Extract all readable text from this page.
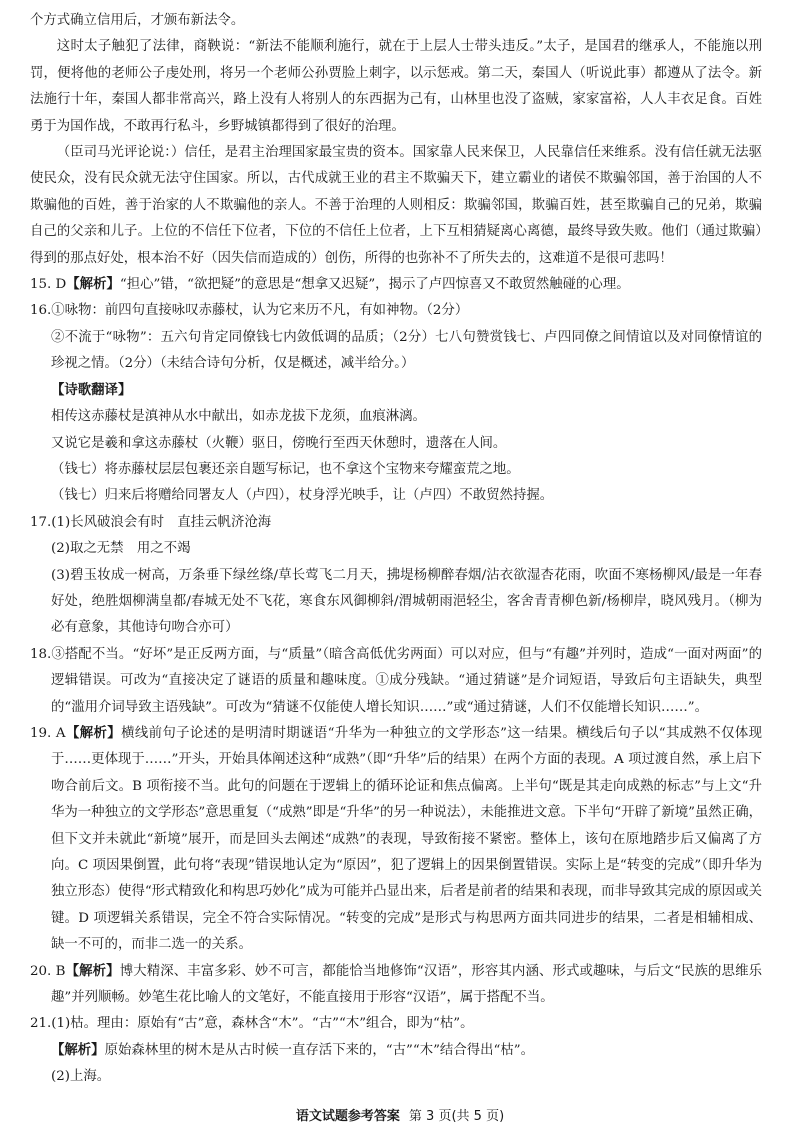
个方式确立信用后，才颁布新法令。

这时太子触犯了法律，商鞅说：“新法不能顺利施行，就在于上层人士带头违反。”太子，是国君的继承人，不能施以刑罚，便将他的老师公子虔处刑，将另一个老师公孙贾脸上刺字，以示惩戒。第二天，秦国人（听说此事）都遵从了法令。新法施行十年，秦国人都非常高兴，路上没有人将别人的东西据为己有，山林里也没了盗贼，家家富裕，人人丰衣足食。百姓勇于为国作战，不敢再行私斗，乡野城镇都得到了很好的治理。

（臣司马光评论说：）信任，是君主治理国家最宝贵的资本。国家靠人民来保卫，人民靠信任来维系。没有信任就无法驱使民众，没有民众就无法守住国家。所以，古代成就王业的君主不欺骗天下，建立霸业的诸侯不欺骗邻国，善于治国的人不欺骗他的百姓，善于治家的人不欺骗他的亲人。不善于治理的人则相反：欺骗邻国，欺骗百姓，甚至欺骗自己的兄弟，欺骗自己的父亲和儿子。上位的不信任下位者，下位的不信任上位者，上下互相猜疑离心离德，最终导致失败。他们（通过欺骗）得到的那点好处，根本治不好（因失信而造成的）创伤，所得的也弥补不了所失去的，这难道不是很可悲吗！

15. D【解析】“担心”错，“欲把疑”的意思是“想拿又迟疑”，揭示了卢四惊喜又不敢贸然触碰的心理。

16.①咏物：前四句直接咏叹赤藤杖，认为它来历不凡，有如神物。（2分）

②不流于“咏物”：五六句肯定同僚钱七内敛低调的品质；（2分）七八句赞赏钱七、卢四同僚之间情谊以及对同僚情谊的珍视之情。（2分）（未结合诗句分析，仅是概述，减半给分。）

【诗歌翻译】

相传这赤藤杖是滇神从水中献出，如赤龙拔下龙须，血痕淋漓。

又说它是羲和拿这赤藤杖（火鞭）驱日，傍晚行至西天休憩时，遗落在人间。

（钱七）将赤藤杖层层包裹还亲自题写标记，也不拿这个宝物来夸耀蛮荒之地。

（钱七）归来后将赠给同署友人（卢四），杖身浮光映手，让（卢四）不敢贸然持握。

17.(1)长风破浪会有时　直挂云帆济沧海

(2)取之无禁　用之不竭

(3)碧玉妆成一树高，万条垂下绿丝绦/草长莺飞二月天，拂堤杨柳醉春烟/沾衣欲湿杏花雨，吹面不寒杨柳风/最是一年春好处，绝胜烟柳满皇都/春城无处不飞花，寒食东风御柳斜/渭城朝雨浥轻尘，客舍青青柳色新/杨柳岸，晓风残月。（柳为必有意象，其他诗句吻合亦可）

18.③搭配不当。“好坏”是正反两方面，与“质量”（暗含高低优劣两面）可以对应，但与“有趣”并列时，造成“一面对两面”的逻辑错误。可改为“直接决定了谜语的质量和趣味度。①成分残缺。“通过猜谜”是介词短语，导致后句主语缺失，典型的“滥用介词导致主语残缺”。可改为“猜谜不仅能使人增长知识……”或“通过猜谜，人们不仅能增长知识……”。

19. A【解析】横线前句子论述的是明清时期谜语“升华为一种独立的文学形态”这一结果。横线后句子以“其成熟不仅体现于……更体现于……”开头，开始具体阐述这种“成熟”（即“升华”后的结果）在两个方面的表现。A 项过渡自然，承上启下吻合前后文。B 项衔接不当。此句的问题在于逻辑上的循环论证和焦点偏离。上半句“既是其走向成熟的标志”与上文“升华为一种独立的文学形态”意思重复（“成熟”即是“升华”的另一种说法），未能推进文意。下半句“开辟了新境”虽然正确，但下文并未就此“新境”展开，而是回头去阐述“成熟”的表现，导致衔接不紧密。整体上，该句在原地踏步后又偏离了方向。C 项因果倒置，此句将“表现”错误地认定为“原因”，犯了逻辑上的因果倒置错误。实际上是“转变的完成”（即升华为独立形态）使得“形式精致化和构思巧妙化”成为可能并凸显出来，后者是前者的结果和表现，而非导致其完成的原因或关键。D 项逻辑关系错误，完全不符合实际情况。“转变的完成”是形式与构思两方面共同进步的结果，二者是相辅相成、缺一不可的，而非二选一的关系。

20. B【解析】博大精深、丰富多彩、妙不可言，都能恰当地修饰“汉语”，形容其内涵、形式或趣味，与后文“民族的思维乐趣”并列顺畅。妙笔生花比喻人的文笔好，不能直接用于形容“汉语”，属于搭配不当。

21.(1)枯。理由：原始有“古”意，森林含“木”。“古”“木”组合，即为“枯”。

【解析】原始森林里的树木是从古时候一直存活下来的，“古”“木”结合得出“枯”。

(2)上海。

语文试题参考答案 第 3 页(共 5 页)
